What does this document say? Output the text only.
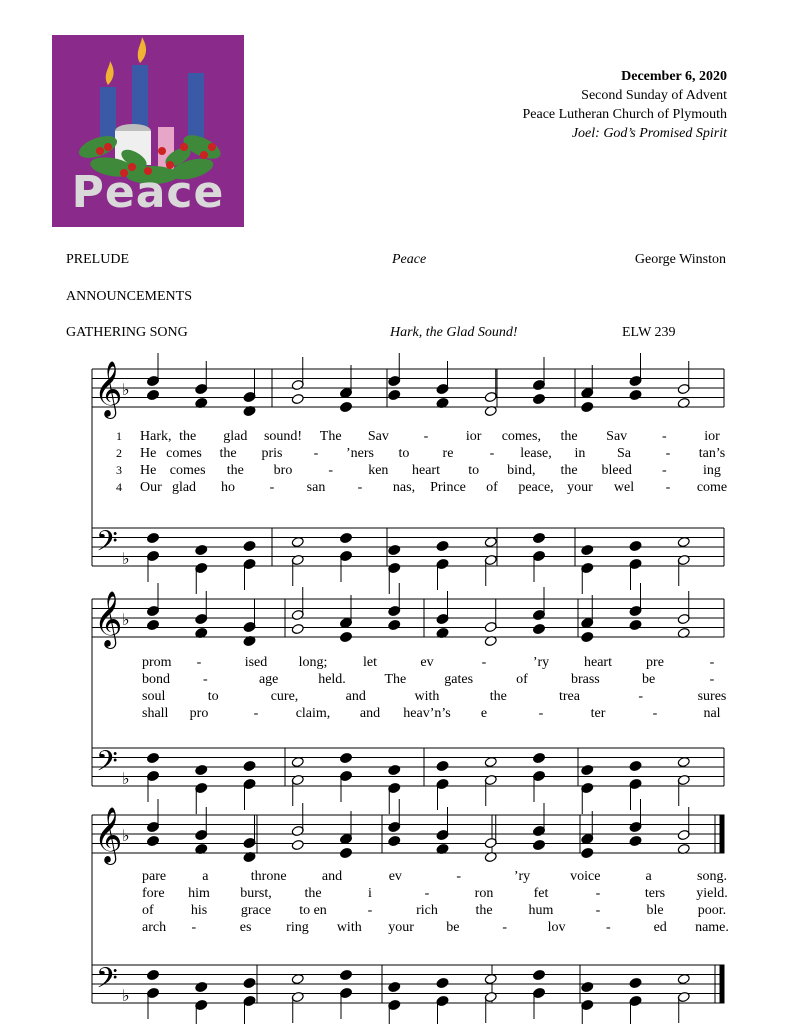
Peace
December 6, 2020
Second Sunday of Advent
Peace Lutheran Church of Plymouth
Joel: God’s Promised Spirit
PRELUDE	Peace	George Winston
ANNOUNCEMENTS
GATHERING SONG	Hark, the Glad Sound!	ELW 239
𝄞 ♭
𝄢 ♭
𝄞 ♭
𝄢 ♭
𝄞 ♭
𝄢 ♭
1 Hark, the glad sound! The Sav -	ior comes, the Sav -	ior
2 He comes the pris - ’ners to re	- lease, in Sa - tan’s
3 He comes the bro	-	ken heart to bind, the bleed -	ing
4 Our glad ho - san - nas, Prince of peace, your wel - come
prom -	ised long;	let	ev	-	’ry heart pre	-
bond -	age	held.	The	gates	of	brass	be	-
soul	to	cure,	and	with	the	trea	-	sures
shall pro	-	claim, and heav’n’s e	-	ter	-	nal
pare	a	throne	and	ev	-	’ry	voice	a	song.
fore him burst, the	i	-	ron	fet	-	ters yield.
of	his grace to en	-	rich	the	hum	-	ble poor.
arch -	es ring with your be	-	lov	-	ed name.
